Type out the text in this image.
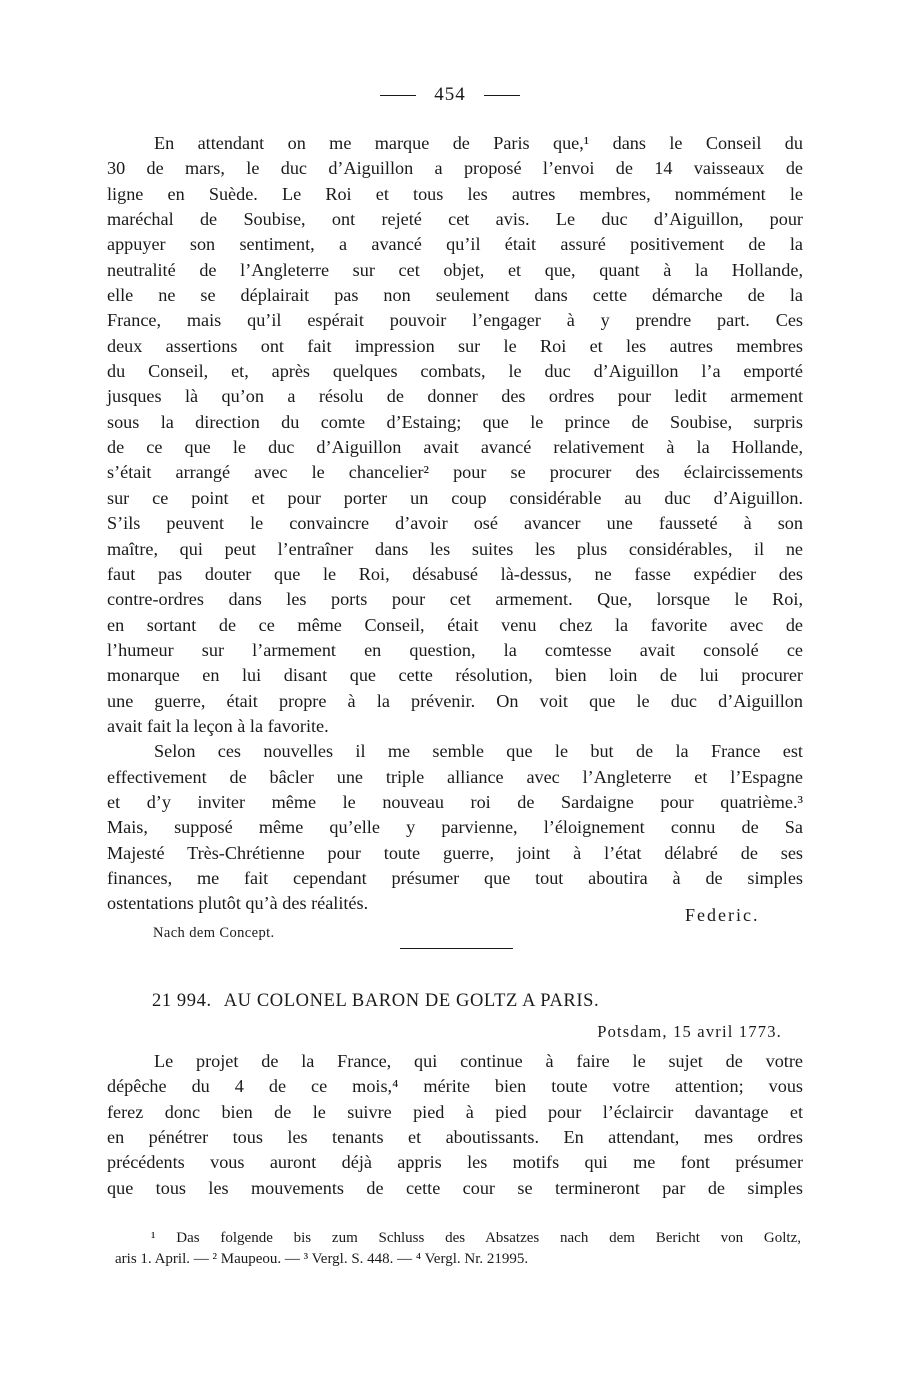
454
En attendant on me marque de Paris que,¹ dans le Conseil du
30 de mars, le duc d’Aiguillon a proposé l’envoi de 14 vaisseaux de
ligne en Suède. Le Roi et tous les autres membres, nommément le
maréchal de Soubise, ont rejeté cet avis. Le duc d’Aiguillon, pour
appuyer son sentiment, a avancé qu’il était assuré positivement de la
neutralité de l’Angleterre sur cet objet, et que, quant à la Hollande,
elle ne se déplairait pas non seulement dans cette démarche de la
France, mais qu’il espérait pouvoir l’engager à y prendre part. Ces
deux assertions ont fait impression sur le Roi et les autres membres
du Conseil, et, après quelques combats, le duc d’Aiguillon l’a emporté
jusques là qu’on a résolu de donner des ordres pour ledit armement
sous la direction du comte d’Estaing; que le prince de Soubise, surpris
de ce que le duc d’Aiguillon avait avancé relativement à la Hollande,
s’était arrangé avec le chancelier² pour se procurer des éclaircissements
sur ce point et pour porter un coup considérable au duc d’Aiguillon.
S’ils peuvent le convaincre d’avoir osé avancer une fausseté à son
maître, qui peut l’entraîner dans les suites les plus considérables, il ne
faut pas douter que le Roi, désabusé là-dessus, ne fasse expédier des
contre-ordres dans les ports pour cet armement. Que, lorsque le Roi,
en sortant de ce même Conseil, était venu chez la favorite avec de
l’humeur sur l’armement en question, la comtesse avait consolé ce
monarque en lui disant que cette résolution, bien loin de lui procurer
une guerre, était propre à la prévenir. On voit que le duc d’Aiguillon
avait fait la leçon à la favorite.
Selon ces nouvelles il me semble que le but de la France est
effectivement de bâcler une triple alliance avec l’Angleterre et l’Espagne
et d’y inviter même le nouveau roi de Sardaigne pour quatrième.³
Mais, supposé même qu’elle y parvienne, l’éloignement connu de Sa
Majesté Très-Chrétienne pour toute guerre, joint à l’état délabré de ses
finances, me fait cependant présumer que tout aboutira à de simples
ostentations plutôt qu’à des réalités.
Federic.
Nach dem Concept.
21 994. AU COLONEL BARON DE GOLTZ A PARIS.
Potsdam, 15 avril 1773.
Le projet de la France, qui continue à faire le sujet de votre
dépêche du 4 de ce mois,⁴ mérite bien toute votre attention; vous
ferez donc bien de le suivre pied à pied pour l’éclaircir davantage et
en pénétrer tous les tenants et aboutissants. En attendant, mes ordres
précédents vous auront déjà appris les motifs qui me font présumer
que tous les mouvements de cette cour se termineront par de simples
¹ Das folgende bis zum Schluss des Absatzes nach dem Bericht von Goltz,
aris 1. April. — ² Maupeou. — ³ Vergl. S. 448. — ⁴ Vergl. Nr. 21995.
